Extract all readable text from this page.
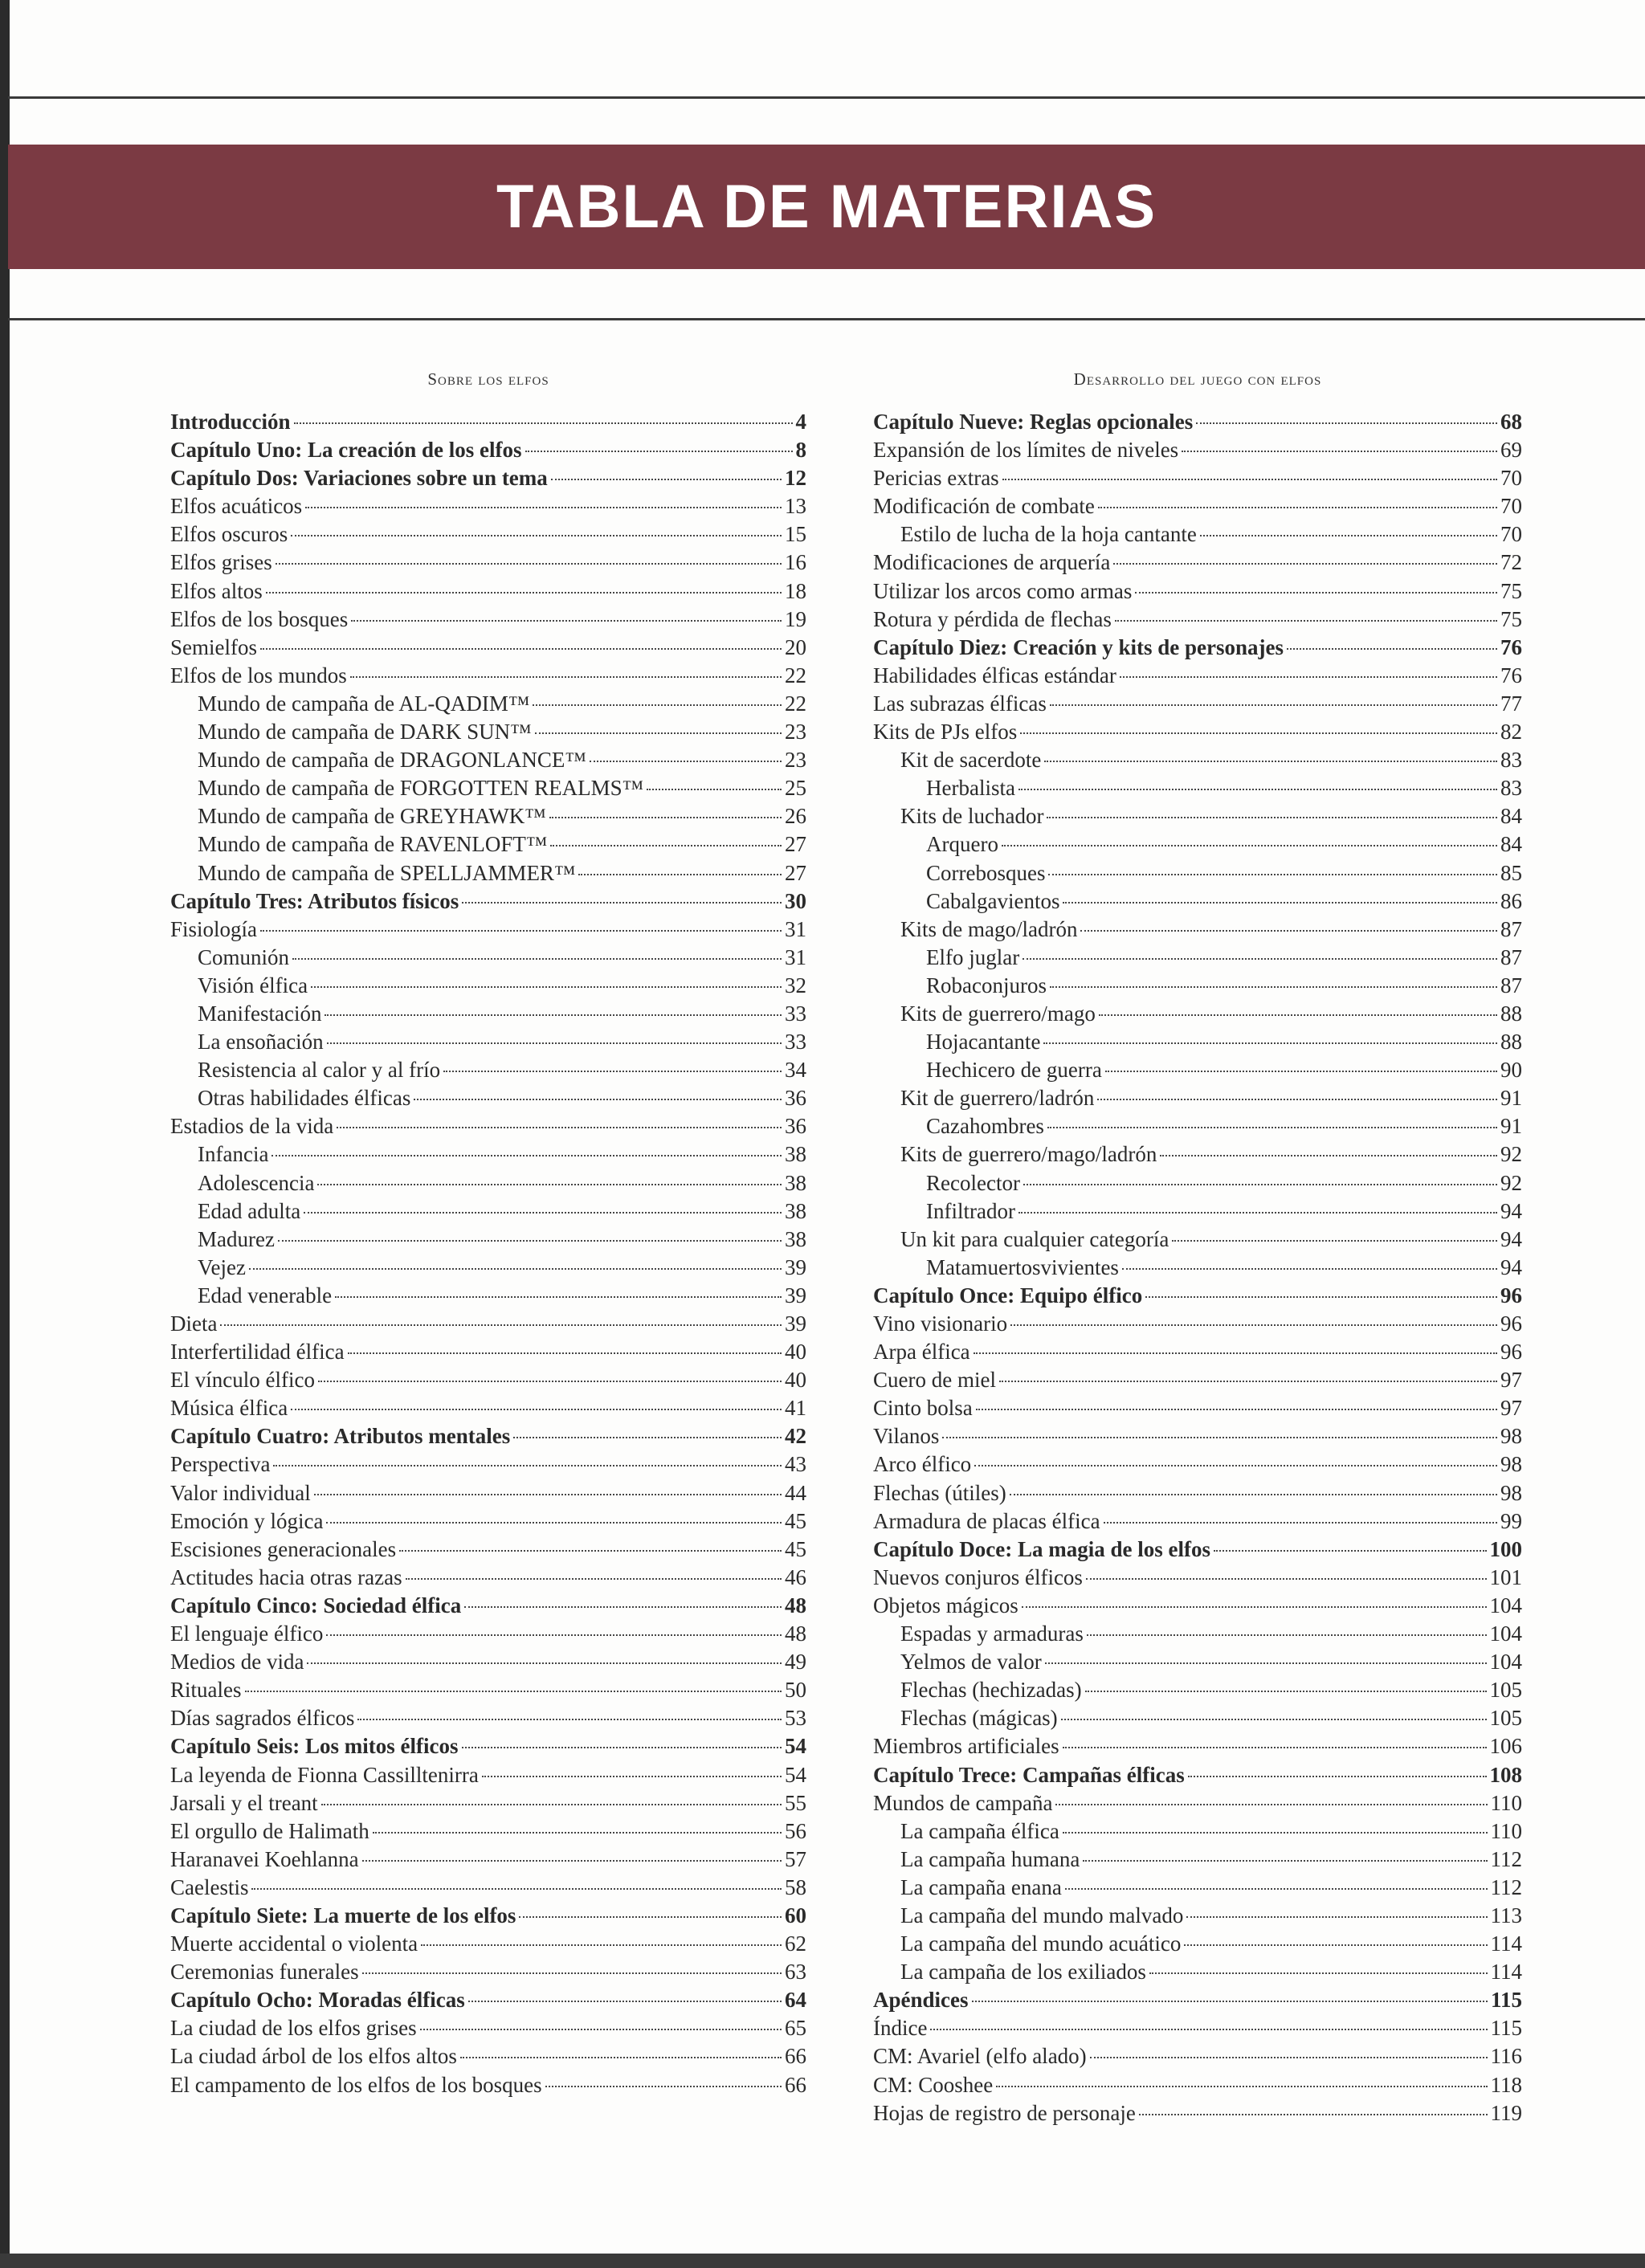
TABLA DE MATERIAS
Sobre los elfos	Desarrollo del juego con elfos
Introducción	4
Capítulo Uno: La creación de los elfos	8
Capítulo Dos: Variaciones sobre un tema	12
Elfos acuáticos	13
Elfos oscuros	15
Elfos grises	16
Elfos altos	18
Elfos de los bosques	19
Semielfos	20
Elfos de los mundos	22
Mundo de campaña de AL-QADIM™	22
Mundo de campaña de DARK SUN™	23
Mundo de campaña de DRAGONLANCE™	23
Mundo de campaña de FORGOTTEN REALMS™	25
Mundo de campaña de GREYHAWK™	26
Mundo de campaña de RAVENLOFT™	27
Mundo de campaña de SPELLJAMMER™	27
Capítulo Tres: Atributos físicos	30
Fisiología	31
Comunión	31
Visión élfica	32
Manifestación	33
La ensoñación	33
Resistencia al calor y al frío	34
Otras habilidades élficas	36
Estadios de la vida	36
Infancia	38
Adolescencia	38
Edad adulta	38
Madurez	38
Vejez	39
Edad venerable	39
Dieta	39
Interfertilidad élfica	40
El vínculo élfico	40
Música élfica	41
Capítulo Cuatro: Atributos mentales	42
Perspectiva	43
Valor individual	44
Emoción y lógica	45
Escisiones generacionales	45
Actitudes hacia otras razas	46
Capítulo Cinco: Sociedad élfica	48
El lenguaje élfico	48
Medios de vida	49
Rituales	50
Días sagrados élficos	53
Capítulo Seis: Los mitos élficos	54
La leyenda de Fionna Cassilltenirra	54
Jarsali y el treant	55
El orgullo de Halimath	56
Haranavei Koehlanna	57
Caelestis	58
Capítulo Siete: La muerte de los elfos	60
Muerte accidental o violenta	62
Ceremonias funerales	63
Capítulo Ocho: Moradas élficas	64
La ciudad de los elfos grises	65
La ciudad árbol de los elfos altos	66
El campamento de los elfos de los bosques	66
Capítulo Nueve: Reglas opcionales	68
Expansión de los límites de niveles	69
Pericias extras	70
Modificación de combate	70
Estilo de lucha de la hoja cantante	70
Modificaciones de arquería	72
Utilizar los arcos como armas	75
Rotura y pérdida de flechas	75
Capítulo Diez: Creación y kits de personajes	76
Habilidades élficas estándar	76
Las subrazas élficas	77
Kits de PJs elfos	82
Kit de sacerdote	83
Herbalista	83
Kits de luchador	84
Arquero	84
Correbosques	85
Cabalgavientos	86
Kits de mago/ladrón	87
Elfo juglar	87
Robaconjuros	87
Kits de guerrero/mago	88
Hojacantante	88
Hechicero de guerra	90
Kit de guerrero/ladrón	91
Cazahombres	91
Kits de guerrero/mago/ladrón	92
Recolector	92
Infiltrador	94
Un kit para cualquier categoría	94
Matamuertosvivientes	94
Capítulo Once: Equipo élfico	96
Vino visionario	96
Arpa élfica	96
Cuero de miel	97
Cinto bolsa	97
Vilanos	98
Arco élfico	98
Flechas (útiles)	98
Armadura de placas élfica	99
Capítulo Doce: La magia de los elfos	100
Nuevos conjuros élficos	101
Objetos mágicos	104
Espadas y armaduras	104
Yelmos de valor	104
Flechas (hechizadas)	105
Flechas (mágicas)	105
Miembros artificiales	106
Capítulo Trece: Campañas élficas	108
Mundos de campaña	110
La campaña élfica	110
La campaña humana	112
La campaña enana	112
La campaña del mundo malvado	113
La campaña del mundo acuático	114
La campaña de los exiliados	114
Apéndices	115
Índice	115
CM: Avariel (elfo alado)	116
CM: Cooshee	118
Hojas de registro de personaje	119
